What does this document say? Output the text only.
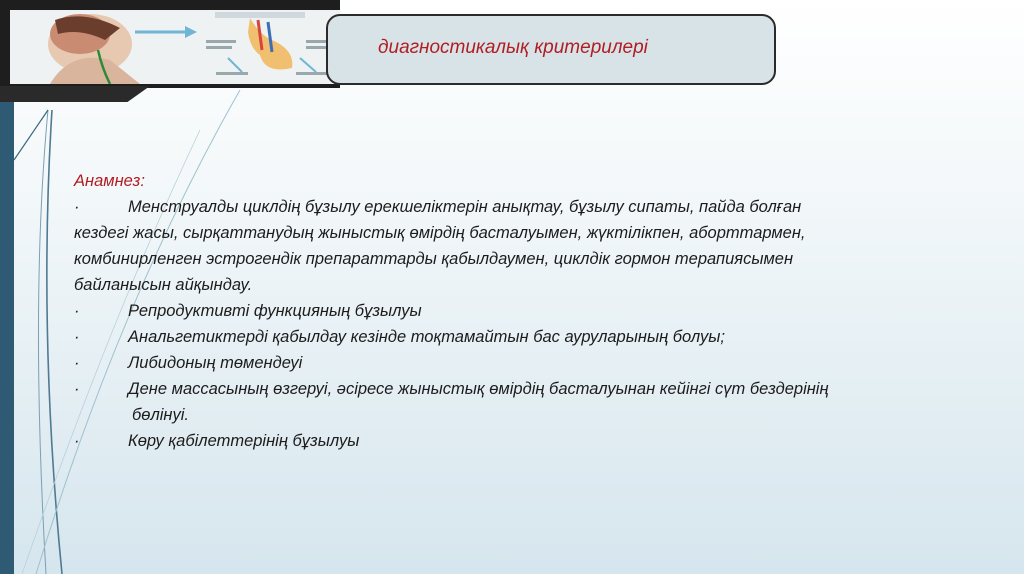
диагностикалық критерилері
Анамнез:
·	Менструалды циклдің бұзылу ерекшеліктерін анықтау, бұзылу сипаты, пайда болған
кездегі жасы, сырқаттанудың жыныстық өмірдің басталуымен, жүктілікпен, аборттармен,
комбинирленген эстрогендік препараттарды қабылдаумен, циклдік гормон терапиясымен
байланысын айқындау.
·	Репродуктивті функцияның бұзылуы
·	Анальгетиктерді қабылдау кезінде тоқтамайтын бас ауруларының болуы;
·	Либидоның төмендеуі
·	Дене массасының өзгеруі, әсіресе жыныстық өмірдің басталуынан кейінгі сүт бездерінің
бөлінуі.
·	Көру қабілеттерінің бұзылуы
